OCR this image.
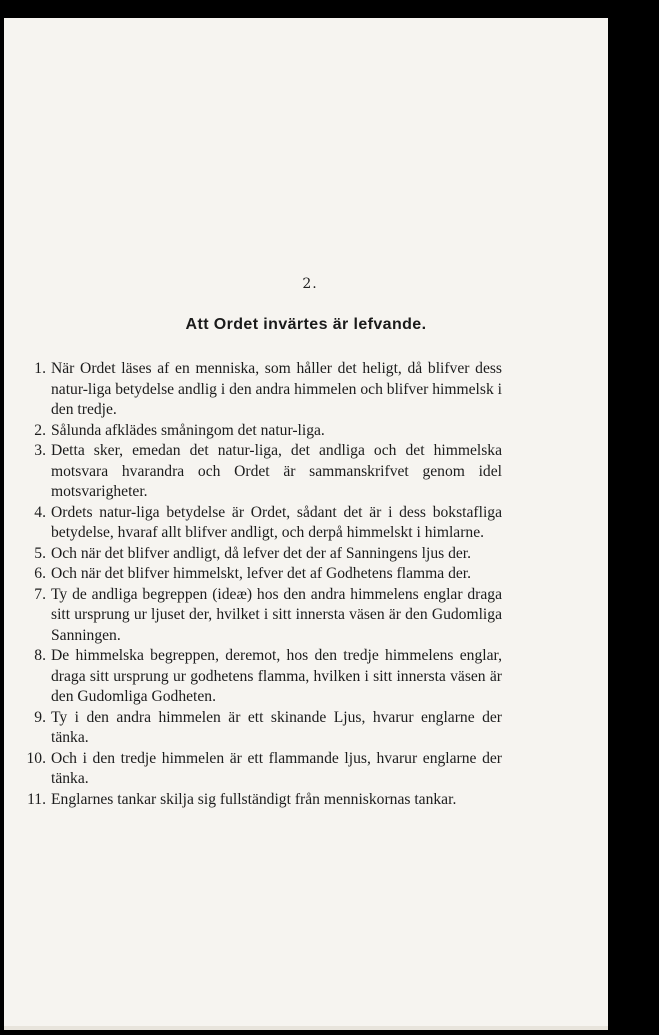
2.
Att Ordet invärtes är lefvande.
1. När Ordet läses af en menniska, som håller det heligt, då blifver dess natur-liga betydelse andlig i den andra himmelen och blifver himmelsk i den tredje.
2. Sålunda afklädes småningom det natur-liga.
3. Detta sker, emedan det natur-liga, det andliga och det himmelska motsvara hvarandra och Ordet är sammanskrifvet genom idel motsvarigheter.
4. Ordets natur-liga betydelse är Ordet, sådant det är i dess bokstafliga betydelse, hvaraf allt blifver andligt, och derpå himmelskt i himlarne.
5. Och när det blifver andligt, då lefver det der af Sanningens ljus der.
6. Och när det blifver himmelskt, lefver det af Godhetens flamma der.
7. Ty de andliga begreppen (ideæ) hos den andra himmelens englar draga sitt ursprung ur ljuset der, hvilket i sitt innersta väsen är den Gudomliga Sanningen.
8. De himmelska begreppen, deremot, hos den tredje himmelens englar, draga sitt ursprung ur godhetens flamma, hvilken i sitt innersta väsen är den Gudomliga Godheten.
9. Ty i den andra himmelen är ett skinande Ljus, hvarur englarne der tänka.
10. Och i den tredje himmelen är ett flammande ljus, hvarur englarne der tänka.
11. Englarnes tankar skilja sig fullständigt från menniskornas tankar.
